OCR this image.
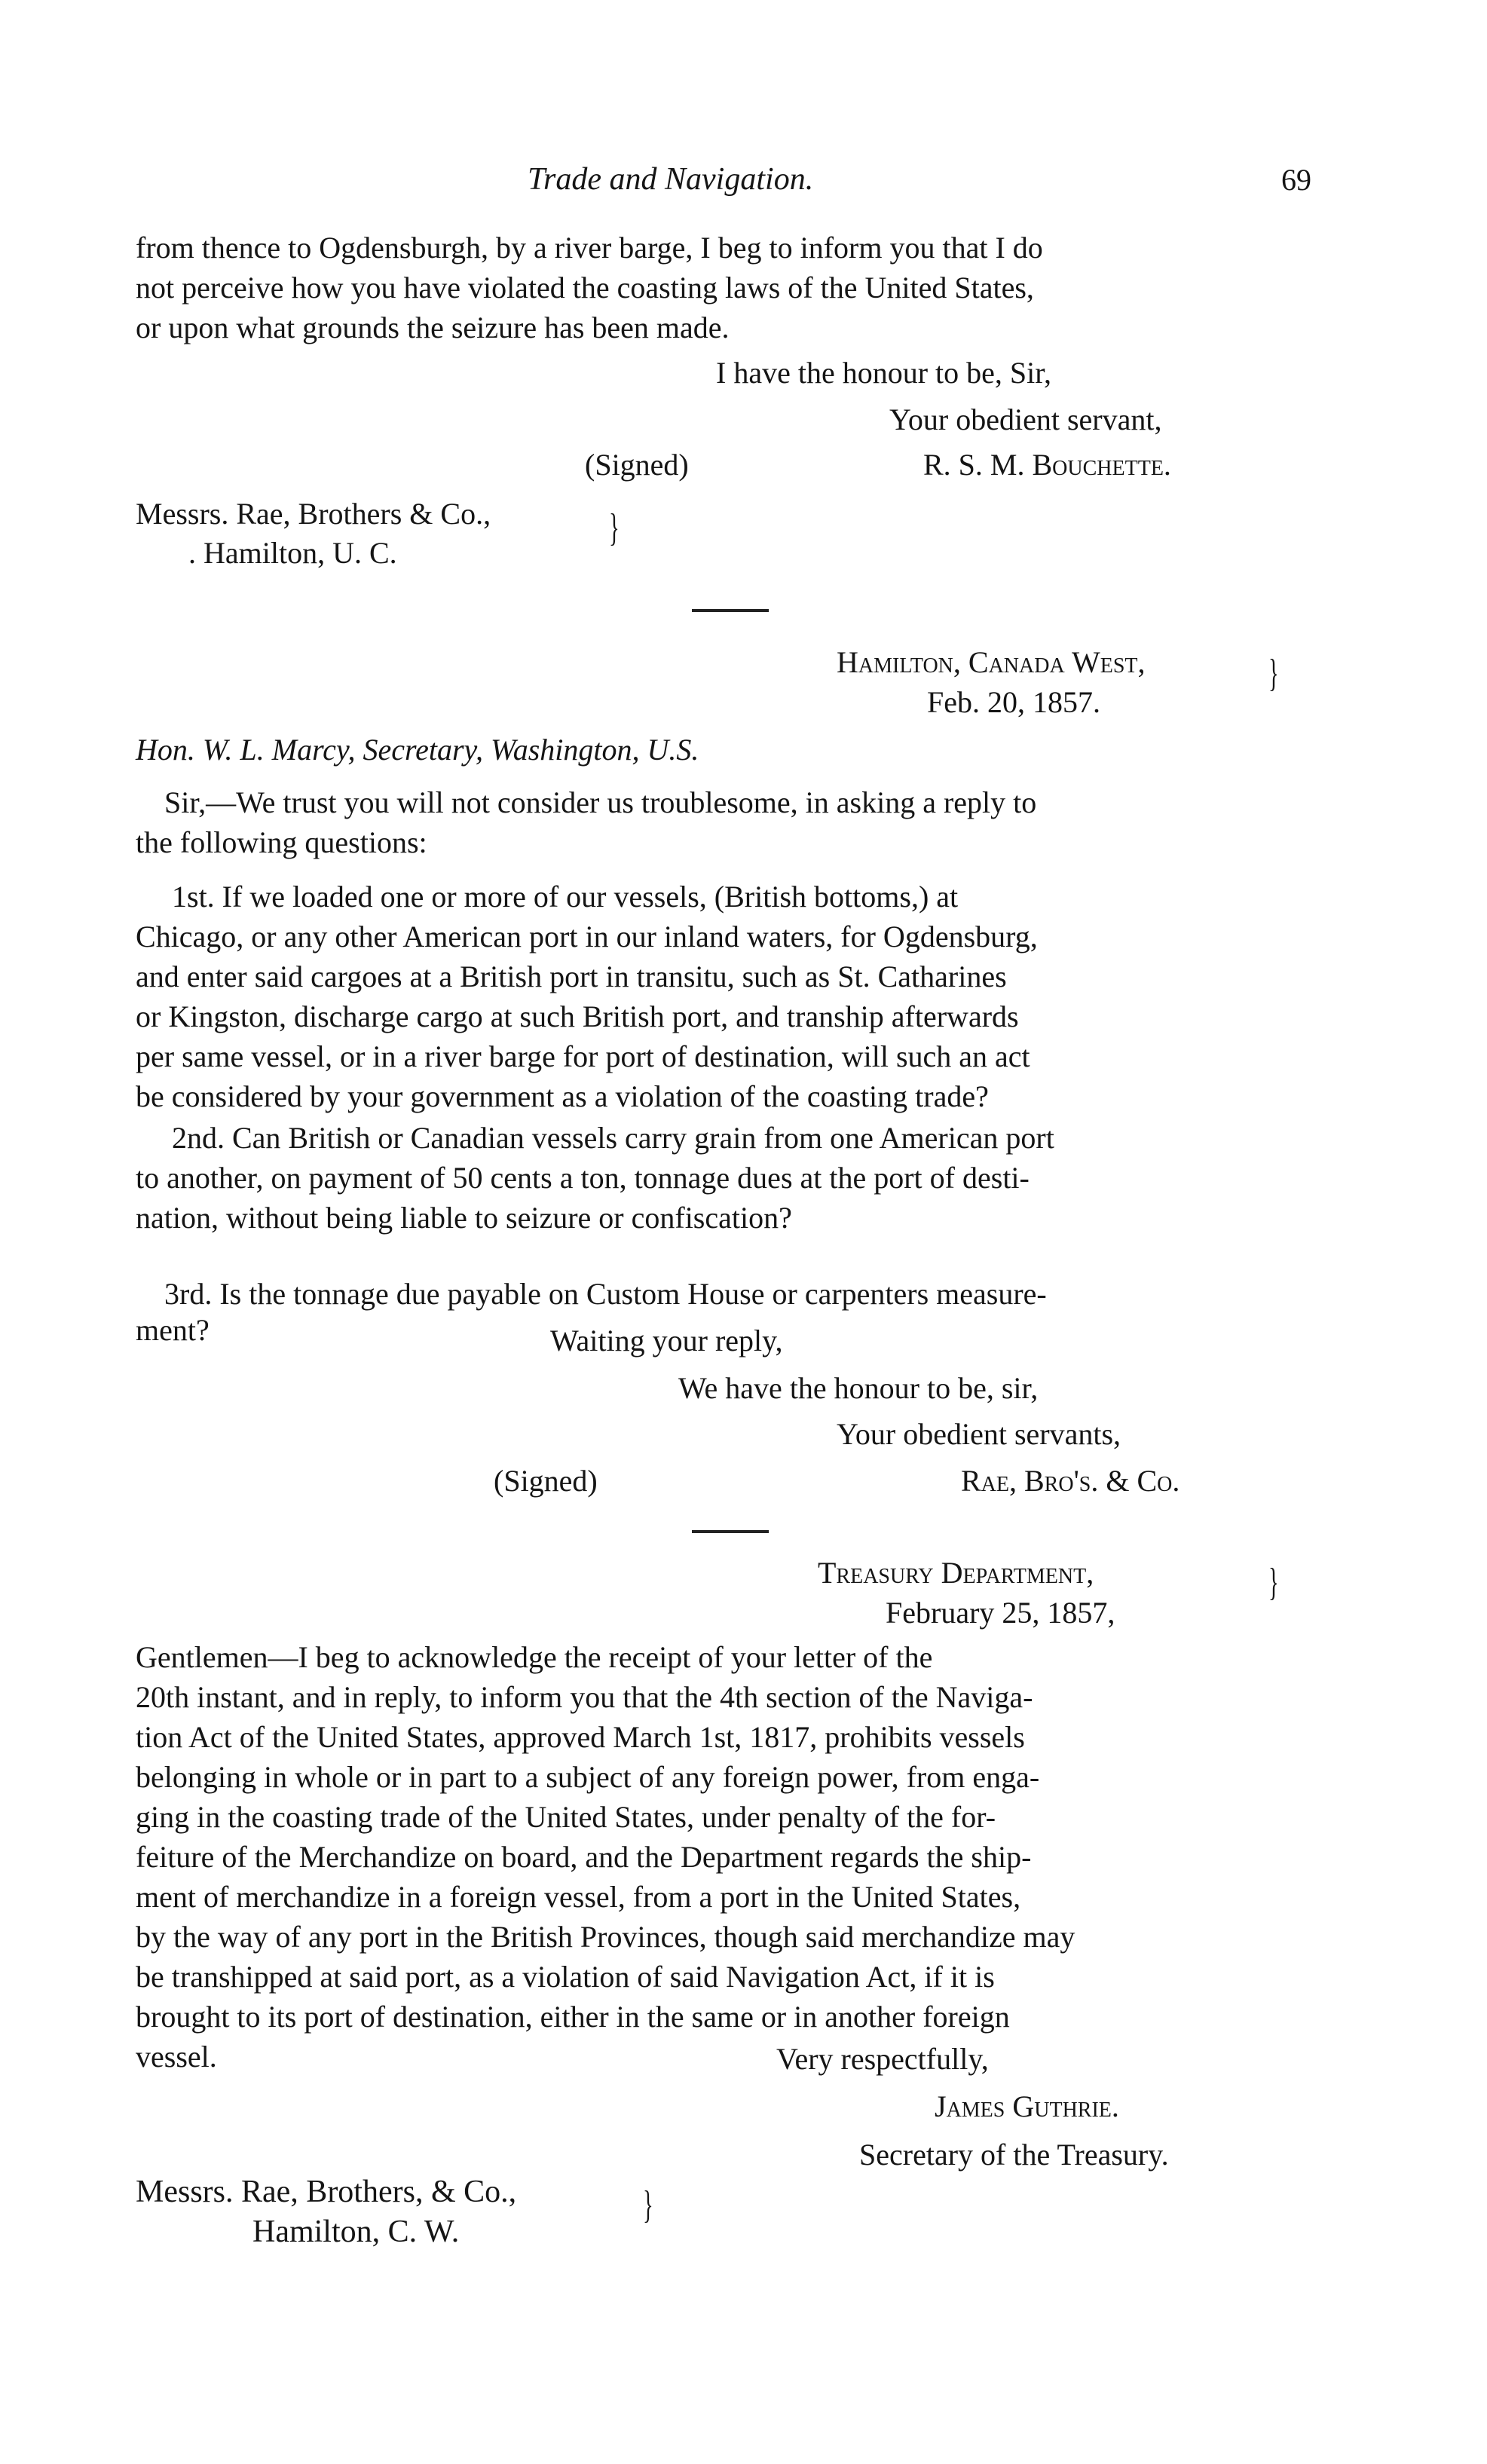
Trade and Navigation.	69
from thence to Ogdensburgh, by a river barge, I beg to inform you that I do
not perceive how you have violated the coasting laws of the United States,
or upon what grounds the seizure has been made.
I have the honour to be, Sir,
Your obedient servant,
(Signed)	R. S. M. Bouchette.
Messrs. Rae, Brothers & Co.,
. Hamilton, U. C.
}
Hamilton, Canada West,
Feb. 20, 1857.
}
Hon. W. L. Marcy, Secretary, Washington, U.S.
Sir,—We trust you will not consider us troublesome, in asking a reply to
the following questions:
1st. If we loaded one or more of our vessels, (British bottoms,) at
Chicago, or any other American port in our inland waters, for Ogdensburg,
and enter said cargoes at a British port in transitu, such as St. Catharines
or Kingston, discharge cargo at such British port, and tranship afterwards
per same vessel, or in a river barge for port of destination, will such an act
be considered by your government as a violation of the coasting trade?
2nd. Can British or Canadian vessels carry grain from one American port
to another, on payment of 50 cents a ton, tonnage dues at the port of desti-
nation, without being liable to seizure or confiscation?
3rd. Is the tonnage due payable on Custom House or carpenters measure-
ment?	Waiting your reply,
We have the honour to be, sir,
Your obedient servants,
(Signed)	Rae, Bro's. & Co.
Treasury Department,
February 25, 1857,
}
Gentlemen—I beg to acknowledge the receipt of your letter of the
20th instant, and in reply, to inform you that the 4th section of the Naviga-
tion Act of the United States, approved March 1st, 1817, prohibits vessels
belonging in whole or in part to a subject of any foreign power, from enga-
ging in the coasting trade of the United States, under penalty of the for-
feiture of the Merchandize on board, and the Department regards the ship-
ment of merchandize in a foreign vessel, from a port in the United States,
by the way of any port in the British Provinces, though said merchandize may
be transhipped at said port, as a violation of said Navigation Act, if it is
brought to its port of destination, either in the same or in another foreign
vessel.	Very respectfully,
James Guthrie.
Secretary of the Treasury.
Messrs. Rae, Brothers, & Co.,
Hamilton, C. W.
}
